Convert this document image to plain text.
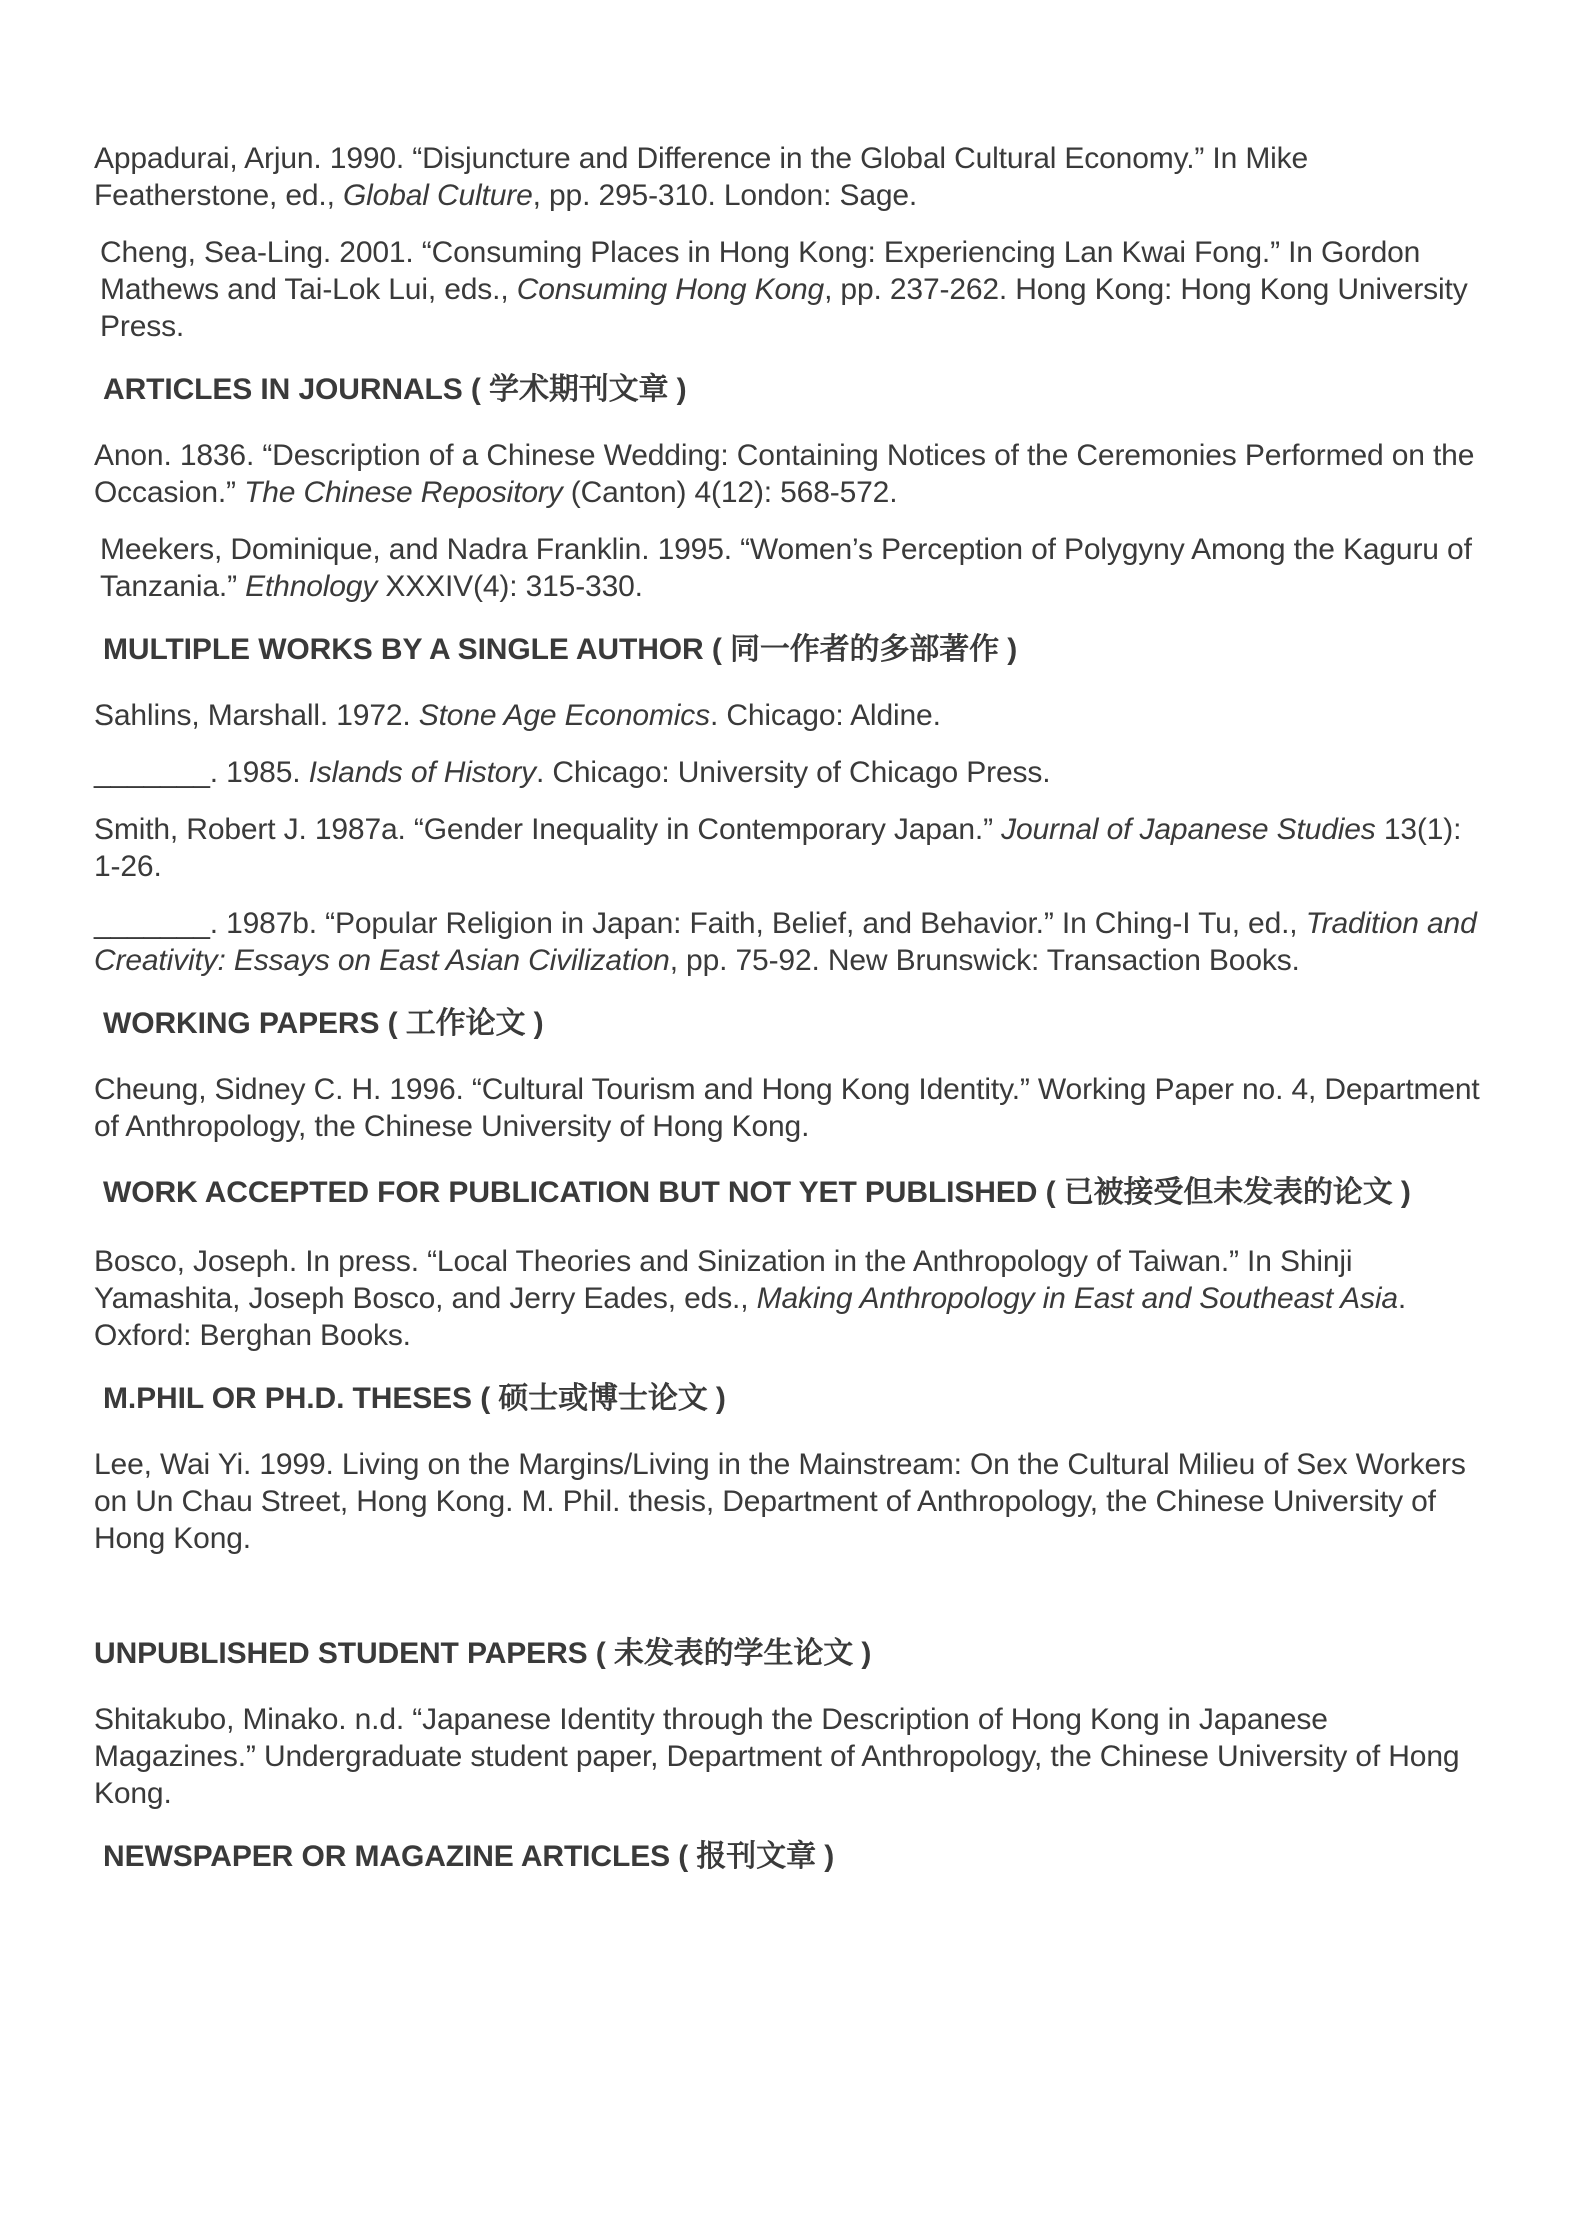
Appadurai, Arjun. 1990. “Disjuncture and Difference in the Global Cultural Economy.” In Mike Featherstone, ed., Global Culture, pp. 295-310. London: Sage.

Cheng, Sea-Ling. 2001. “Consuming Places in Hong Kong: Experiencing Lan Kwai Fong.” In Gordon Mathews and Tai-Lok Lui, eds., Consuming Hong Kong, pp. 237-262. Hong Kong: Hong Kong University Press.

ARTICLES IN JOURNALS ( 学术期刊文章 )

Anon. 1836. “Description of a Chinese Wedding: Containing Notices of the Ceremonies Performed on the Occasion.” The Chinese Repository (Canton) 4(12): 568-572.

Meekers, Dominique, and Nadra Franklin. 1995. “Women’s Perception of Polygyny Among the Kaguru of Tanzania.” Ethnology XXXIV(4): 315-330.

MULTIPLE WORKS BY A SINGLE AUTHOR ( 同一作者的多部著作 )

Sahlins, Marshall. 1972. Stone Age Economics. Chicago: Aldine.

_______. 1985. Islands of History. Chicago: University of Chicago Press.

Smith, Robert J. 1987a. “Gender Inequality in Contemporary Japan.” Journal of Japanese Studies 13(1): 1-26.

_______. 1987b. “Popular Religion in Japan: Faith, Belief, and Behavior.” In Ching-I Tu, ed., Tradition and Creativity: Essays on East Asian Civilization, pp. 75-92. New Brunswick: Transaction Books.

WORKING PAPERS ( 工作论文 )

Cheung, Sidney C. H. 1996. “Cultural Tourism and Hong Kong Identity.” Working Paper no. 4, Department of Anthropology, the Chinese University of Hong Kong.

WORK ACCEPTED FOR PUBLICATION BUT NOT YET PUBLISHED ( 已被接受但未发表的论文 )

Bosco, Joseph. In press. “Local Theories and Sinization in the Anthropology of Taiwan.” In Shinji Yamashita, Joseph Bosco, and Jerry Eades, eds., Making Anthropology in East and Southeast Asia. Oxford: Berghan Books.

M.PHIL OR PH.D. THESES ( 硕士或博士论文 )

Lee, Wai Yi. 1999. Living on the Margins/Living in the Mainstream: On the Cultural Milieu of Sex Workers on Un Chau Street, Hong Kong. M. Phil. thesis, Department of Anthropology, the Chinese University of Hong Kong.

UNPUBLISHED STUDENT PAPERS ( 未发表的学生论文 )

Shitakubo, Minako. n.d. “Japanese Identity through the Description of Hong Kong in Japanese Magazines.” Undergraduate student paper, Department of Anthropology, the Chinese University of Hong Kong.

NEWSPAPER OR MAGAZINE ARTICLES ( 报刊文章 )
